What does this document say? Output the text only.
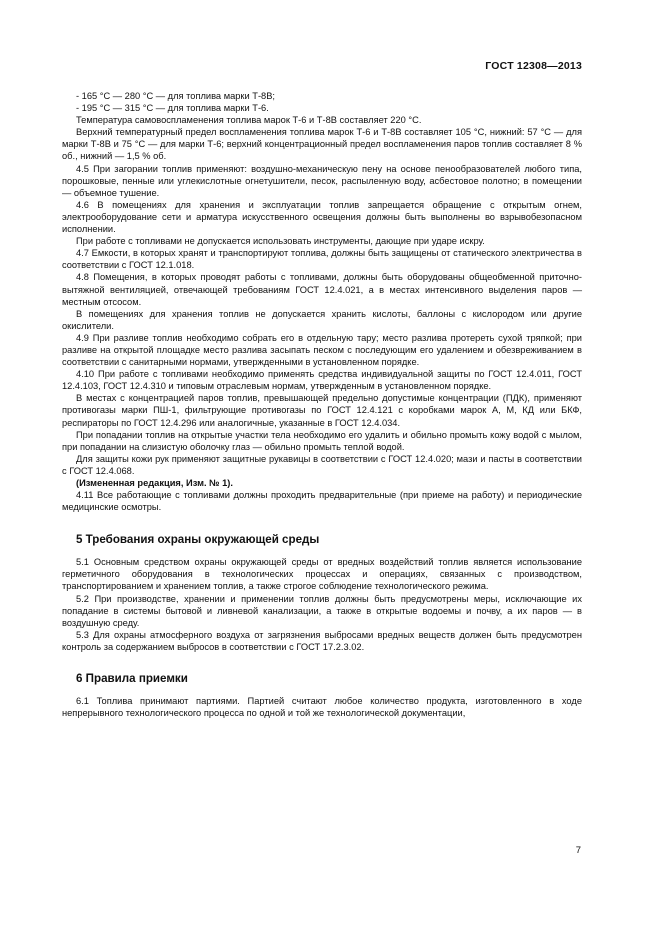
ГОСТ 12308—2013

- 165 °С — 280 °С — для топлива марки Т-8В;

- 195 °С — 315 °С — для топлива марки Т-6.

Температура самовоспламенения топлива марок Т-6 и Т-8В составляет 220 °С.

Верхний температурный предел воспламенения топлива марок Т-6 и Т-8В составляет 105 °С, нижний: 57 °С — для марки Т-8В и 75 °С — для марки Т-6; верхний концентрационный предел воспламенения паров топлив составляет 8 % об., нижний — 1,5 % об.

4.5 При загорании топлив применяют: воздушно-механическую пену на основе пенообразователей любого типа, порошковые, пенные или углекислотные огнетушители, песок, распыленную воду, асбестовое полотно; в помещении — объемное тушение.

4.6 В помещениях для хранения и эксплуатации топлив запрещается обращение с открытым огнем, электрооборудование сети и арматура искусственного освещения должны быть выполнены во взрывобезопасном исполнении.

При работе с топливами не допускается использовать инструменты, дающие при ударе искру.

4.7 Емкости, в которых хранят и транспортируют топлива, должны быть защищены от статического электричества в соответствии с ГОСТ 12.1.018.

4.8 Помещения, в которых проводят работы с топливами, должны быть оборудованы общеобменной приточно-вытяжной вентиляцией, отвечающей требованиям ГОСТ 12.4.021, а в местах интенсивного выделения паров — местным отсосом.

В помещениях для хранения топлив не допускается хранить кислоты, баллоны с кислородом или другие окислители.

4.9 При разливе топлив необходимо собрать его в отдельную тару; место разлива протереть сухой тряпкой; при разливе на открытой площадке место разлива засыпать песком с последующим его удалением и обезвреживанием в соответствии с санитарными нормами, утвержденными в установленном порядке.

4.10 При работе с топливами необходимо применять средства индивидуальной защиты по ГОСТ 12.4.011, ГОСТ 12.4.103, ГОСТ 12.4.310 и типовым отраслевым нормам, утвержденным в установленном порядке.

В местах с концентрацией паров топлив, превышающей предельно допустимые концентрации (ПДК), применяют противогазы марки ПШ-1, фильтрующие противогазы по ГОСТ 12.4.121 с коробками марок А, М, КД или БКФ, респираторы по ГОСТ 12.4.296 или аналогичные, указанные в ГОСТ 12.4.034.

При попадании топлив на открытые участки тела необходимо его удалить и обильно промыть кожу водой с мылом, при попадании на слизистую оболочку глаз — обильно промыть теплой водой.

Для защиты кожи рук применяют защитные рукавицы в соответствии с ГОСТ 12.4.020; мази и пасты в соответствии с ГОСТ 12.4.068.

(Измененная редакция, Изм. № 1).

4.11 Все работающие с топливами должны проходить предварительные (при приеме на работу) и периодические медицинские осмотры.

5 Требования охраны окружающей среды

5.1 Основным средством охраны окружающей среды от вредных воздействий топлив является использование герметичного оборудования в технологических процессах и операциях, связанных с производством, транспортированием и хранением топлив, а также строгое соблюдение технологического режима.

5.2 При производстве, хранении и применении топлив должны быть предусмотрены меры, исключающие их попадание в системы бытовой и ливневой канализации, а также в открытые водоемы и почву, а их паров — в воздушную среду.

5.3 Для охраны атмосферного воздуха от загрязнения выбросами вредных веществ должен быть предусмотрен контроль за содержанием выбросов в соответствии с ГОСТ 17.2.3.02.

6 Правила приемки

6.1 Топлива принимают партиями. Партией считают любое количество продукта, изготовленного в ходе непрерывного технологического процесса по одной и той же технологической документации,

7
